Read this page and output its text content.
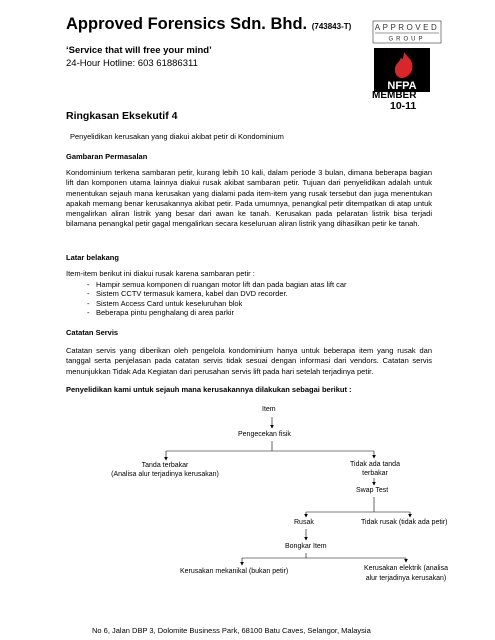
Approved Forensics Sdn. Bhd. (743843-T)
‘Service that will free your mind’
24-Hour Hotline: 603 61886311
APPROVED
GROUP
NFPA
MEMBER
10-11
Ringkasan Eksekutif 4
Penyelidikan kerusakan yang diakui akibat petir di Kondominium
Gambaran Permasalan
Kondominium terkena sambaran petir, kurang lebih 10 kali, dalam periode 3 bulan, dimana beberapa bagian lift dan komponen utama lainnya diakui rusak akibat sambaran petir. Tujuan dari penyelidikan adalah untuk menentukan sejauh mana kerusakan yang dialami pada item-item yang rusak tersebut dan juga menentukan apakah memang benar kerusakannya akibat petir. Pada umumnya, penangkal petir ditempatkan di atap untuk mengalirkan aliran listrik yang besar dari awan ke tanah. Kerusakan pada pelaratan listrik bisa terjadi bilamana penangkal petir gagal mengalirkan secara keseluruan aliran listrik yang dihasilkan petir ke tanah.
Latar belakang
Item-item berikut ini diakui rusak karena sambaran petir :
- Hampir semua komponen di ruangan motor lift dan pada bagian atas lift car
- Sistem CCTV termasuk kamera, kabel dan DVD recorder.
- Sistem Access Card untuk keseluruhan blok
- Beberapa pintu penghalang di area parkir
Catatan Servis
Catatan servis yang diberikan oleh pengelola kondominium hanya untuk beberapa item yang rusak dan tanggal serta penjelasan pada catatan servis tidak sesuai dengan informasi dari vendors. Catatan servis menunjukkan Tidak Ada Kegiatan dari perusahan servis lift pada hari setelah terjadinya petir.
Penyelidikan kami untuk sejauh mana kerusakannya dilakukan sebagai berikut :
Item
Pengecekan fisik
Tanda terbakar
(Analisa alur terjadinya kerusakan)
Tidak ada tanda
terbakar
Swap Test
Rusak	Tidak rusak (tidak ada petir)
Bongkar Item
Kerusakan mekanikal (bukan petir)	Kerusakan elektrik (analisa
alur terjadinya kerusakan)
No 6, Jalan DBP 3, Dolomite Business Park, 68100 Batu Caves, Selangor, Malaysia
